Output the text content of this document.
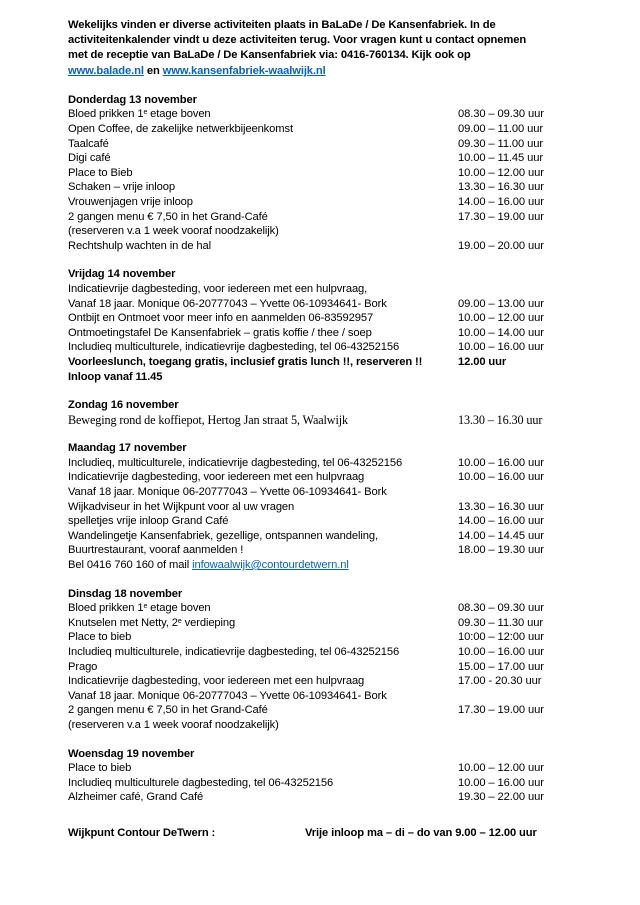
Wekelijks vinden er diverse activiteiten plaats in BaLaDe / De Kansenfabriek. In de activiteitenkalender vindt u deze activiteiten terug. Voor vragen kunt u contact opnemen met de receptie van BaLaDe / De Kansenfabriek via: 0416-760134. Kijk ook op www.balade.nl en www.kansenfabriek-waalwijk.nl

Donderdag 13 november
Bloed prikken 1e etage boven	08.30 – 09.30 uur
Open Coffee, de zakelijke netwerkbijeenkomst	09.00 – 11.00 uur
Taalcafé	09.30 – 11.00 uur
Digi café	10.00 – 11.45 uur
Place to Bieb	10.00 – 12.00 uur
Schaken – vrije inloop	13.30 – 16.30 uur
Vrouwenjagen vrije inloop	14.00 – 16.00 uur
2 gangen menu € 7,50 in het Grand-Café	17.30 – 19.00 uur
(reserveren v.a 1 week vooraf noodzakelijk)
Rechtshulp wachten in de hal	19.00 – 20.00 uur
Vrijdag 14 november
Indicatievrije dagbesteding, voor iedereen met een hulpvraag,
Vanaf 18 jaar. Monique 06-20777043 – Yvette 06-10934641- Bork	09.00 – 13.00 uur
Ontbijt en Ontmoet voor meer info en aanmelden 06-83592957	10.00 – 12.00 uur
Ontmoetingstafel De Kansenfabriek – gratis koffie / thee / soep	10.00 – 14.00 uur
Includieq multiculturele, indicatievrije dagbesteding, tel 06-43252156	10.00 – 16.00 uur
Voorleeslunch, toegang gratis, inclusief gratis lunch !!, reserveren !!	12.00 uur
Inloop vanaf 11.45
Zondag 16 november
Beweging rond de koffiepot, Hertog Jan straat 5, Waalwijk	13.30 – 16.30 uur
Maandag 17 november
Includieq, multiculturele, indicatievrije dagbesteding, tel 06-43252156	10.00 – 16.00 uur
Indicatievrije dagbesteding, voor iedereen met een hulpvraag	10.00 – 16.00 uur
Vanaf 18 jaar. Monique 06-20777043 – Yvette 06-10934641- Bork
Wijkadviseur in het Wijkpunt voor al uw vragen	13.30 – 16.30 uur
spelletjes vrije inloop Grand Café	14.00 – 16.00 uur
Wandelingetje Kansenfabriek, gezellige, ontspannen wandeling,	14.00 – 14.45 uur
Buurtrestaurant, vooraf aanmelden !	18.00 – 19.30 uur
Bel 0416 760 160 of mail infowaalwijk@contourdetwern.nl
Dinsdag 18 november
Bloed prikken 1e etage boven	08.30 – 09.30 uur
Knutselen met Netty, 2e verdieping	09.30 – 11.30 uur
Place to bieb	10:00 – 12:00 uur
Includieq multiculturele, indicatievrije dagbesteding, tel 06-43252156	10.00 – 16.00 uur
Prago	15.00 – 17.00 uur
Indicatievrije dagbesteding, voor iedereen met een hulpvraag	17.00 - 20.30 uur
Vanaf 18 jaar. Monique 06-20777043 – Yvette 06-10934641- Bork
2 gangen menu € 7,50 in het Grand-Café	17.30 – 19.00 uur
(reserveren v.a 1 week vooraf noodzakelijk)
Woensdag 19 november
Place to bieb	10.00 – 12.00 uur
Includieq multiculturele dagbesteding, tel 06-43252156	10.00 – 16.00 uur
Alzheimer café, Grand Café	19.30 – 22.00 uur
Wijkpunt Contour DeTwern :	Vrije inloop ma – di – do van 9.00 – 12.00 uur
